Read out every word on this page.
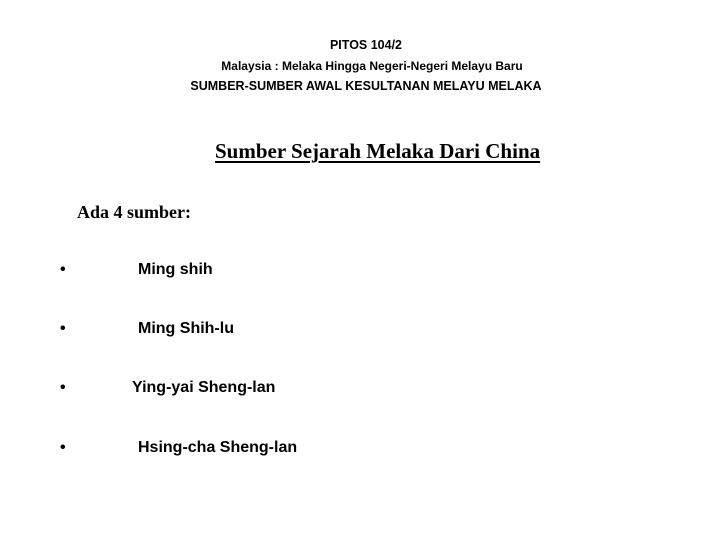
PITOS 104/2
Malaysia : Melaka Hingga Negeri-Negeri Melayu Baru
SUMBER-SUMBER AWAL KESULTANAN MELAYU MELAKA
Sumber Sejarah Melaka Dari China
Ada 4 sumber:
•	Ming shih
•	Ming Shih-lu
•	Ying-yai Sheng-lan
•	Hsing-cha Sheng-lan
